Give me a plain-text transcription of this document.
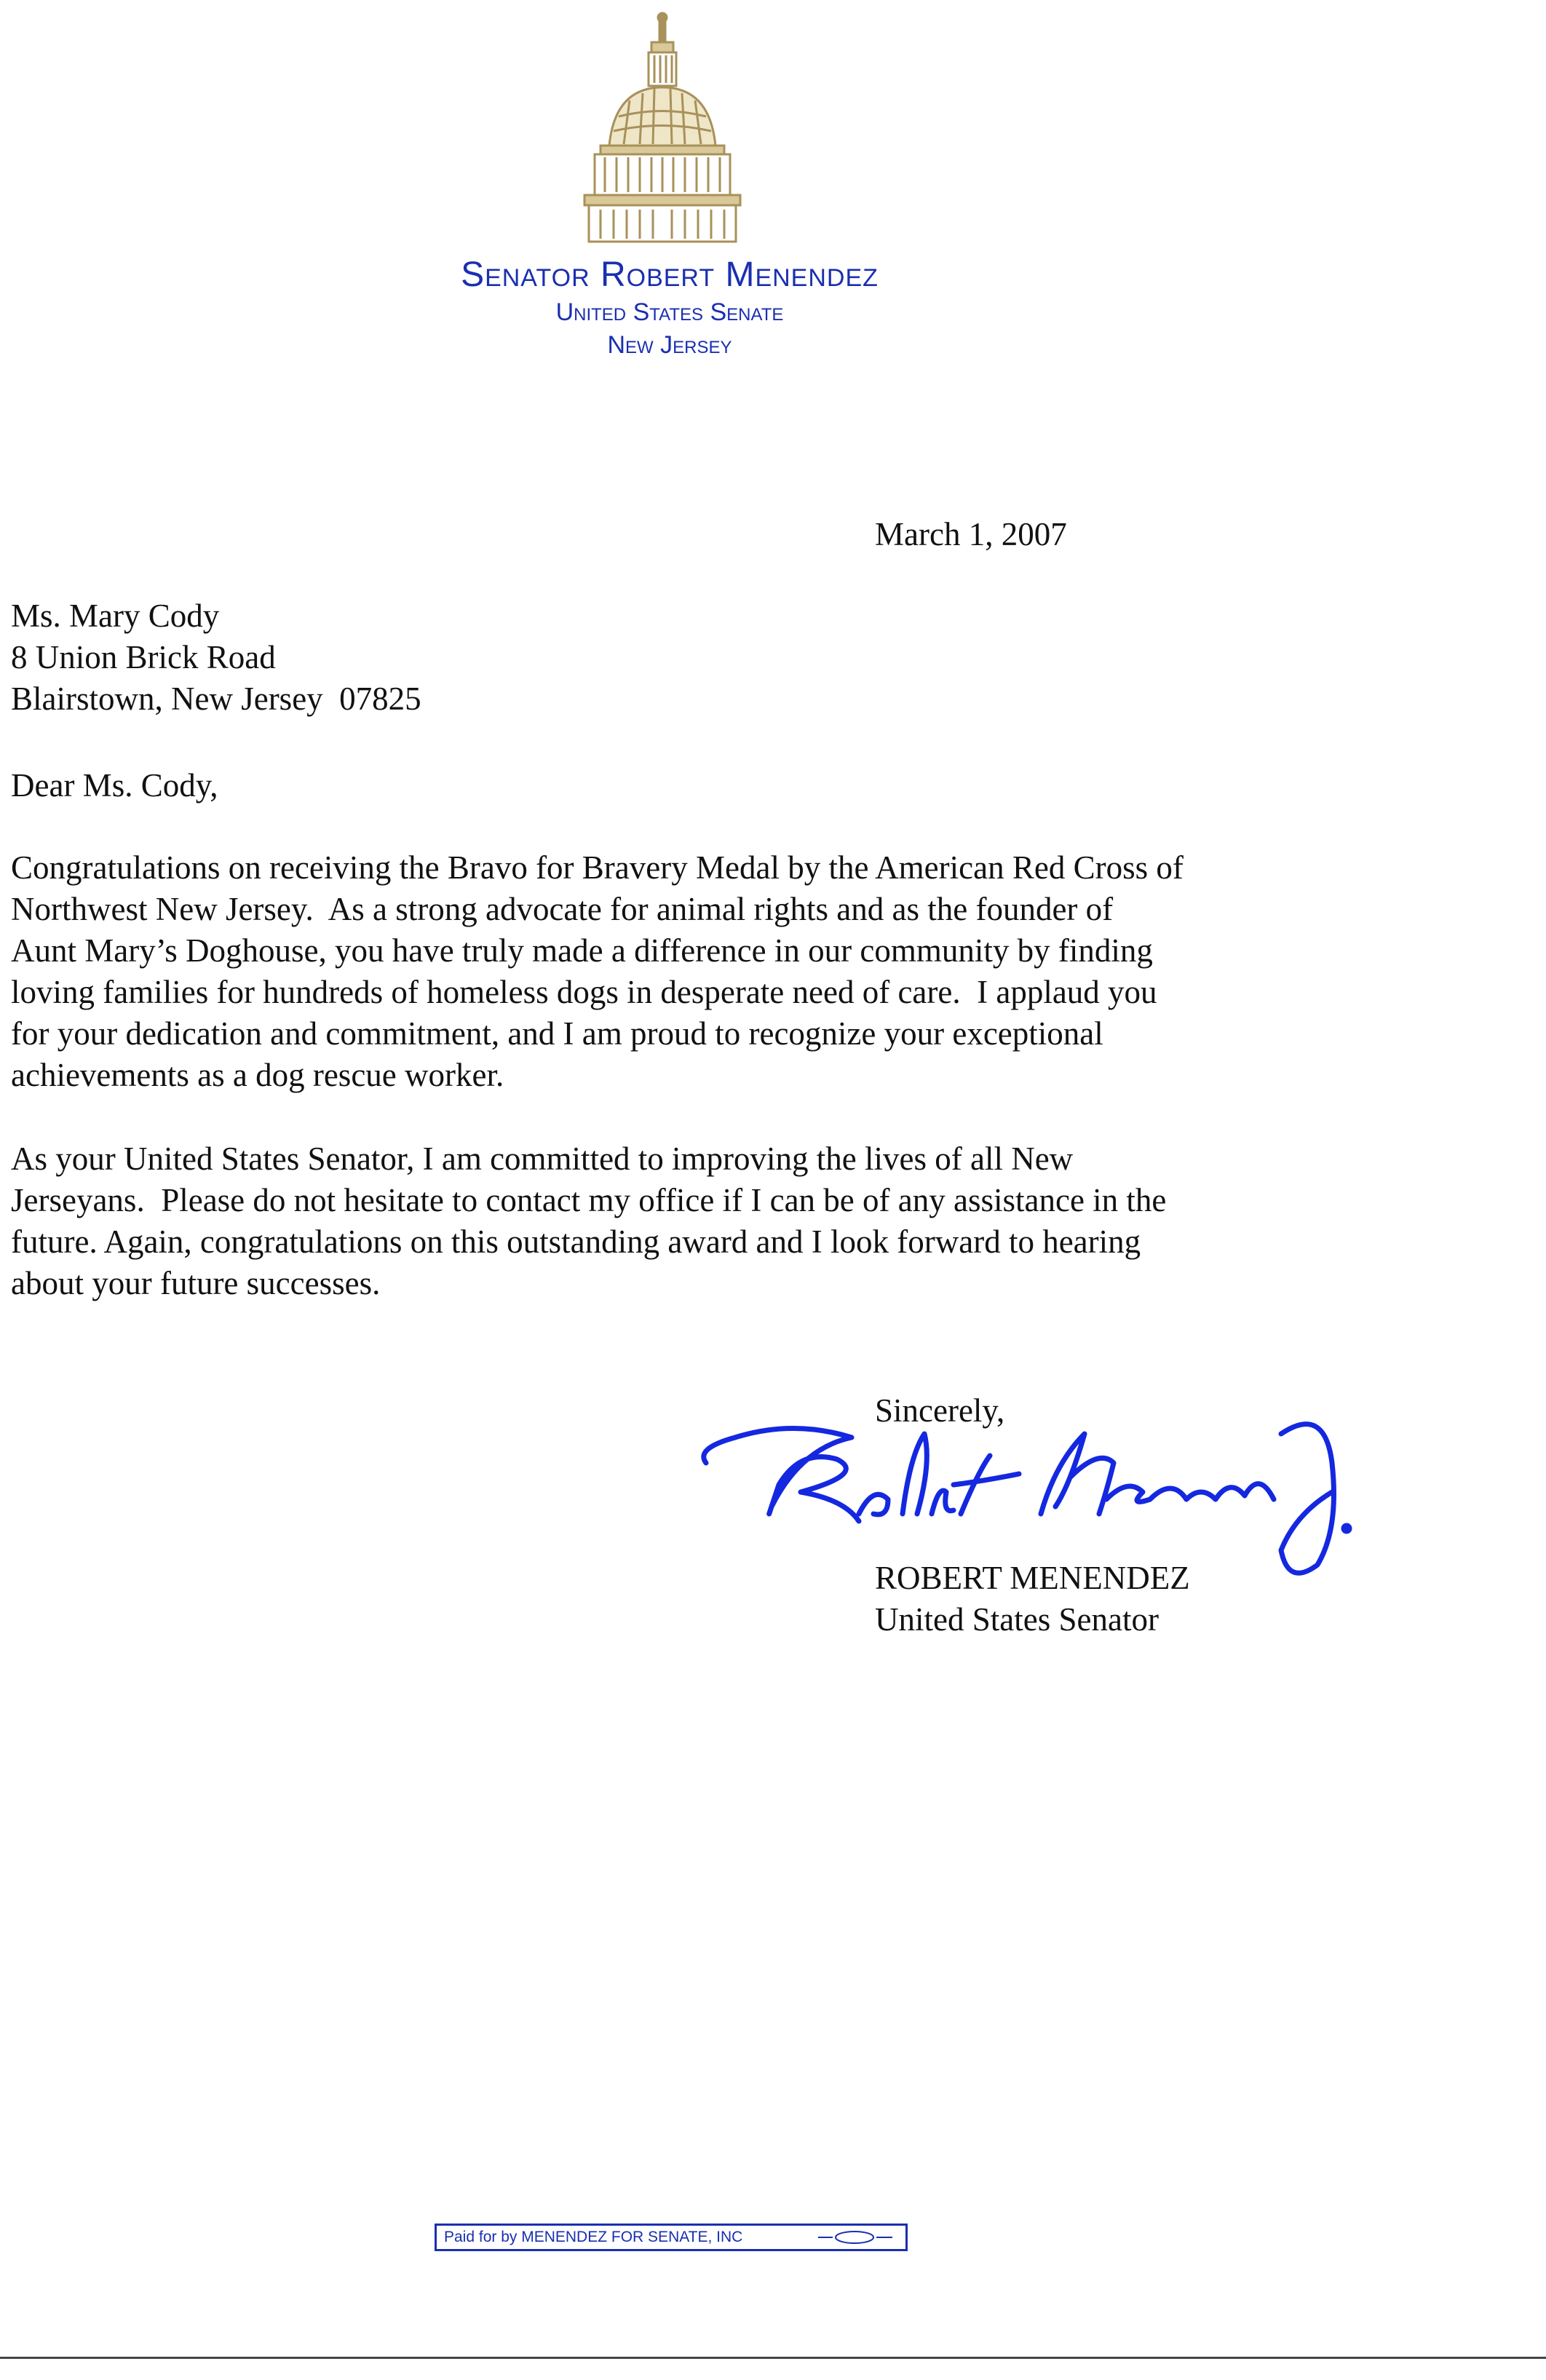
Senator Robert Menendez
United States Senate
New Jersey
March 1, 2007
Ms. Mary Cody
8 Union Brick Road
Blairstown, New Jersey  07825
Dear Ms. Cody,
Congratulations on receiving the Bravo for Bravery Medal by the American Red Cross of
Northwest New Jersey.  As a strong advocate for animal rights and as the founder of
Aunt Mary’s Doghouse, you have truly made a difference in our community by finding
loving families for hundreds of homeless dogs in desperate need of care.  I applaud you
for your dedication and commitment, and I am proud to recognize your exceptional
achievements as a dog rescue worker.
As your United States Senator, I am committed to improving the lives of all New
Jerseyans.  Please do not hesitate to contact my office if I can be of any assistance in the
future. Again, congratulations on this outstanding award and I look forward to hearing
about your future successes.
Sincerely,
ROBERT MENENDEZ
United States Senator
Paid for by MENENDEZ FOR SENATE, INC
